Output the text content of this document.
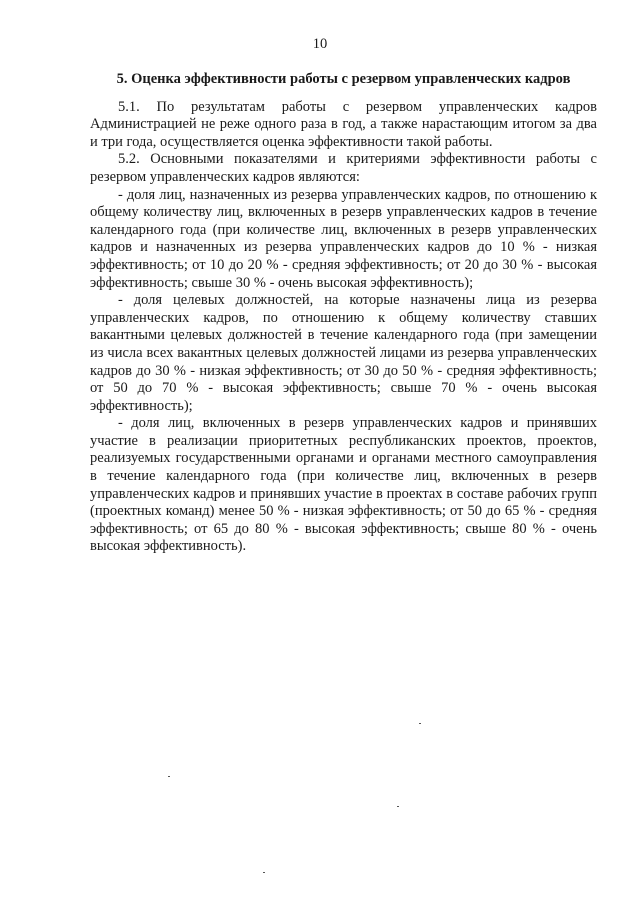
10

5. Оценка эффективности работы с резервом управленческих кадров

5.1. По результатам работы с резервом управленческих кадров Администрацией не реже одного раза в год, а также нарастающим итогом за два и три года, осуществляется оценка эффективности такой работы.

5.2. Основными показателями и критериями эффективности работы с резервом управленческих кадров являются:

- доля лиц, назначенных из резерва управленческих кадров, по отношению к общему количеству лиц, включенных в резерв управленческих кадров в течение календарного года (при количестве лиц, включенных в резерв управленческих кадров и назначенных из резерва управленческих кадров до 10 % - низкая эффективность; от 10 до 20 % - средняя эффективность; от 20 до 30 % - высокая эффективность; свыше 30 % - очень высокая эффективность);

- доля целевых должностей, на которые назначены лица из резерва управленческих кадров, по отношению к общему количеству ставших вакантными целевых должностей в течение календарного года (при замещении из числа всех вакантных целевых должностей лицами из резерва управленческих кадров до 30 % - низкая эффективность; от 30 до 50 % - средняя эффективность; от 50 до 70 % - высокая эффективность; свыше 70 % - очень высокая эффективность);

- доля лиц, включенных в резерв управленческих кадров и принявших участие в реализации приоритетных республиканских проектов, проектов, реализуемых государственными органами и органами местного самоуправления в течение календарного года (при количестве лиц, включенных в резерв управленческих кадров и принявших участие в проектах в составе рабочих групп (проектных команд) менее 50 % - низкая эффективность; от 50 до 65 % - средняя эффективность; от 65 до 80 % - высокая эффективность; свыше 80 % - очень высокая эффективность).
